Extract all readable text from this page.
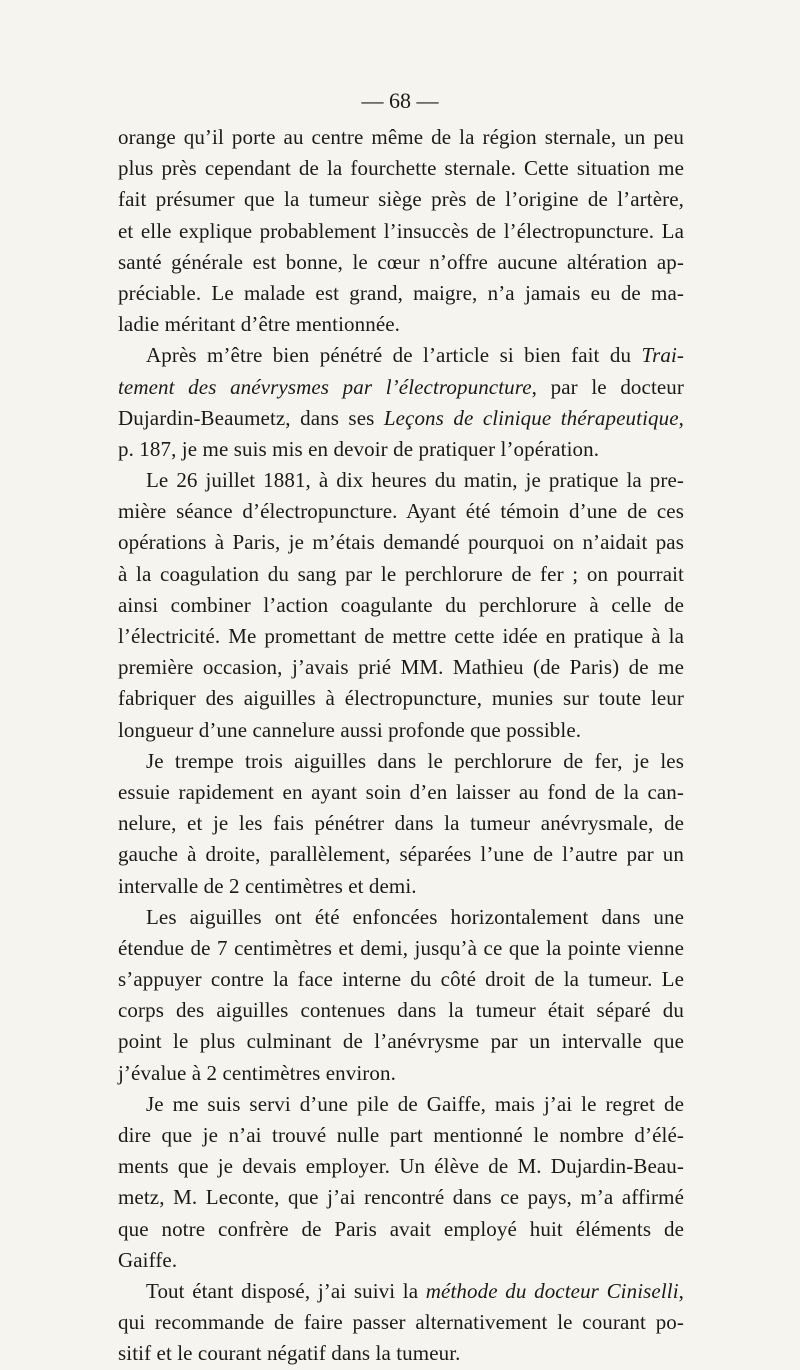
— 68 —
orange qu’il porte au centre même de la région sternale, un peu
plus près cependant de la fourchette sternale. Cette situation me
fait présumer que la tumeur siège près de l’origine de l’artère,
et elle explique probablement l’insuccès de l’électropuncture. La
santé générale est bonne, le cœur n’offre aucune altération ap-
préciable. Le malade est grand, maigre, n’a jamais eu de ma-
ladie méritant d’être mentionnée.
Après m’être bien pénétré de l’article si bien fait du Trai-
tement des anévrysmes par l’électropuncture, par le docteur
Dujardin-Beaumetz, dans ses Leçons de clinique thérapeutique,
p. 187, je me suis mis en devoir de pratiquer l’opération.
Le 26 juillet 1881, à dix heures du matin, je pratique la pre-
mière séance d’électropuncture. Ayant été témoin d’une de ces
opérations à Paris, je m’étais demandé pourquoi on n’aidait pas
à la coagulation du sang par le perchlorure de fer ; on pourrait
ainsi combiner l’action coagulante du perchlorure à celle de
l’électricité. Me promettant de mettre cette idée en pratique à la
première occasion, j’avais prié MM. Mathieu (de Paris) de me
fabriquer des aiguilles à électropuncture, munies sur toute leur
longueur d’une cannelure aussi profonde que possible.
Je trempe trois aiguilles dans le perchlorure de fer, je les
essuie rapidement en ayant soin d’en laisser au fond de la can-
nelure, et je les fais pénétrer dans la tumeur anévrysmale, de
gauche à droite, parallèlement, séparées l’une de l’autre par un
intervalle de 2 centimètres et demi.
Les aiguilles ont été enfoncées horizontalement dans une
étendue de 7 centimètres et demi, jusqu’à ce que la pointe vienne
s’appuyer contre la face interne du côté droit de la tumeur. Le
corps des aiguilles contenues dans la tumeur était séparé du
point le plus culminant de l’anévrysme par un intervalle que
j’évalue à 2 centimètres environ.
Je me suis servi d’une pile de Gaiffe, mais j’ai le regret de
dire que je n’ai trouvé nulle part mentionné le nombre d’élé-
ments que je devais employer. Un élève de M. Dujardin-Beau-
metz, M. Leconte, que j’ai rencontré dans ce pays, m’a affirmé
que notre confrère de Paris avait employé huit éléments de
Gaiffe.
Tout étant disposé, j’ai suivi la méthode du docteur Ciniselli,
qui recommande de faire passer alternativement le courant po-
sitif et le courant négatif dans la tumeur.
